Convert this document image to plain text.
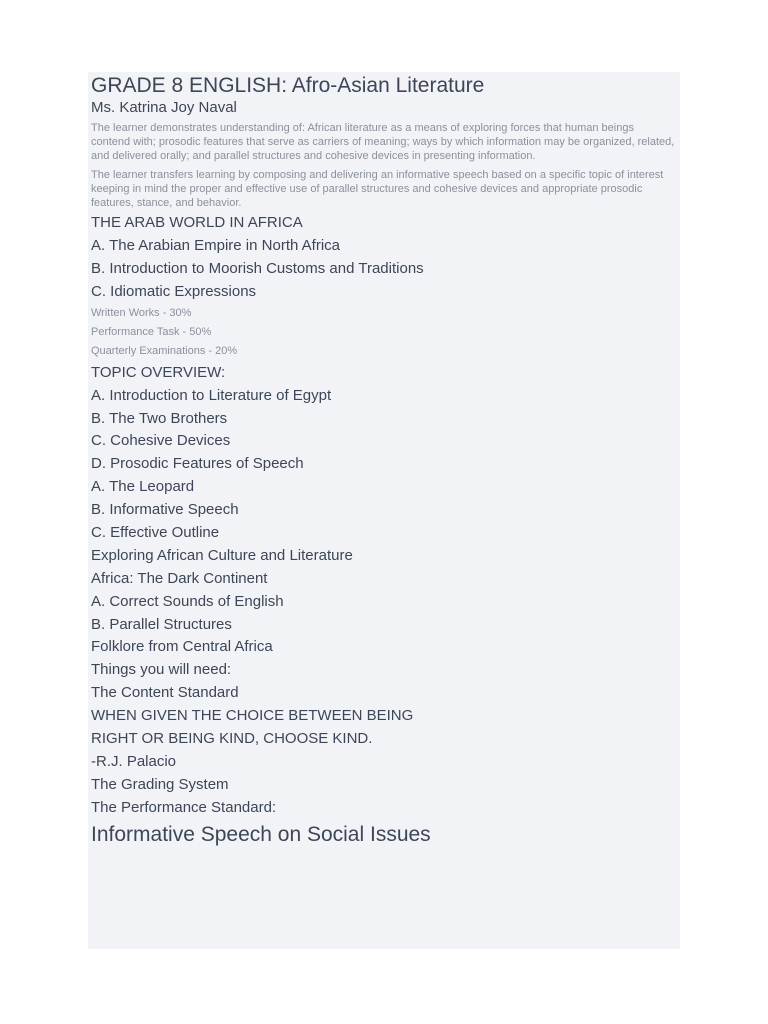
GRADE 8 ENGLISH: Afro-Asian Literature
Ms. Katrina Joy Naval

The learner demonstrates understanding of: African literature as a means of exploring forces that human beings contend with; prosodic features that serve as carriers of meaning; ways by which information may be organized, related, and delivered orally; and parallel structures and cohesive devices in presenting information.

The learner transfers learning by composing and delivering an informative speech based on a specific topic of interest keeping in mind the proper and effective use of parallel structures and cohesive devices and appropriate prosodic features, stance, and behavior.

THE ARAB WORLD IN AFRICA
A. The Arabian Empire in North Africa
B. Introduction to Moorish Customs and Traditions
C. Idiomatic Expressions
Written Works - 30%
Performance Task - 50%
Quarterly Examinations - 20%
TOPIC OVERVIEW:
A. Introduction to Literature of Egypt
B. The Two Brothers
C. Cohesive Devices
D. Prosodic Features of Speech
A. The Leopard
B. Informative Speech
C. Effective Outline
Exploring African Culture and Literature
Africa: The Dark Continent
A. Correct Sounds of English
B. Parallel Structures
Folklore from Central Africa
Things you will need:
The Content Standard
WHEN GIVEN THE CHOICE BETWEEN BEING
RIGHT OR BEING KIND, CHOOSE KIND.
-R.J. Palacio
The Grading System
The Performance Standard:
Informative Speech on Social Issues
